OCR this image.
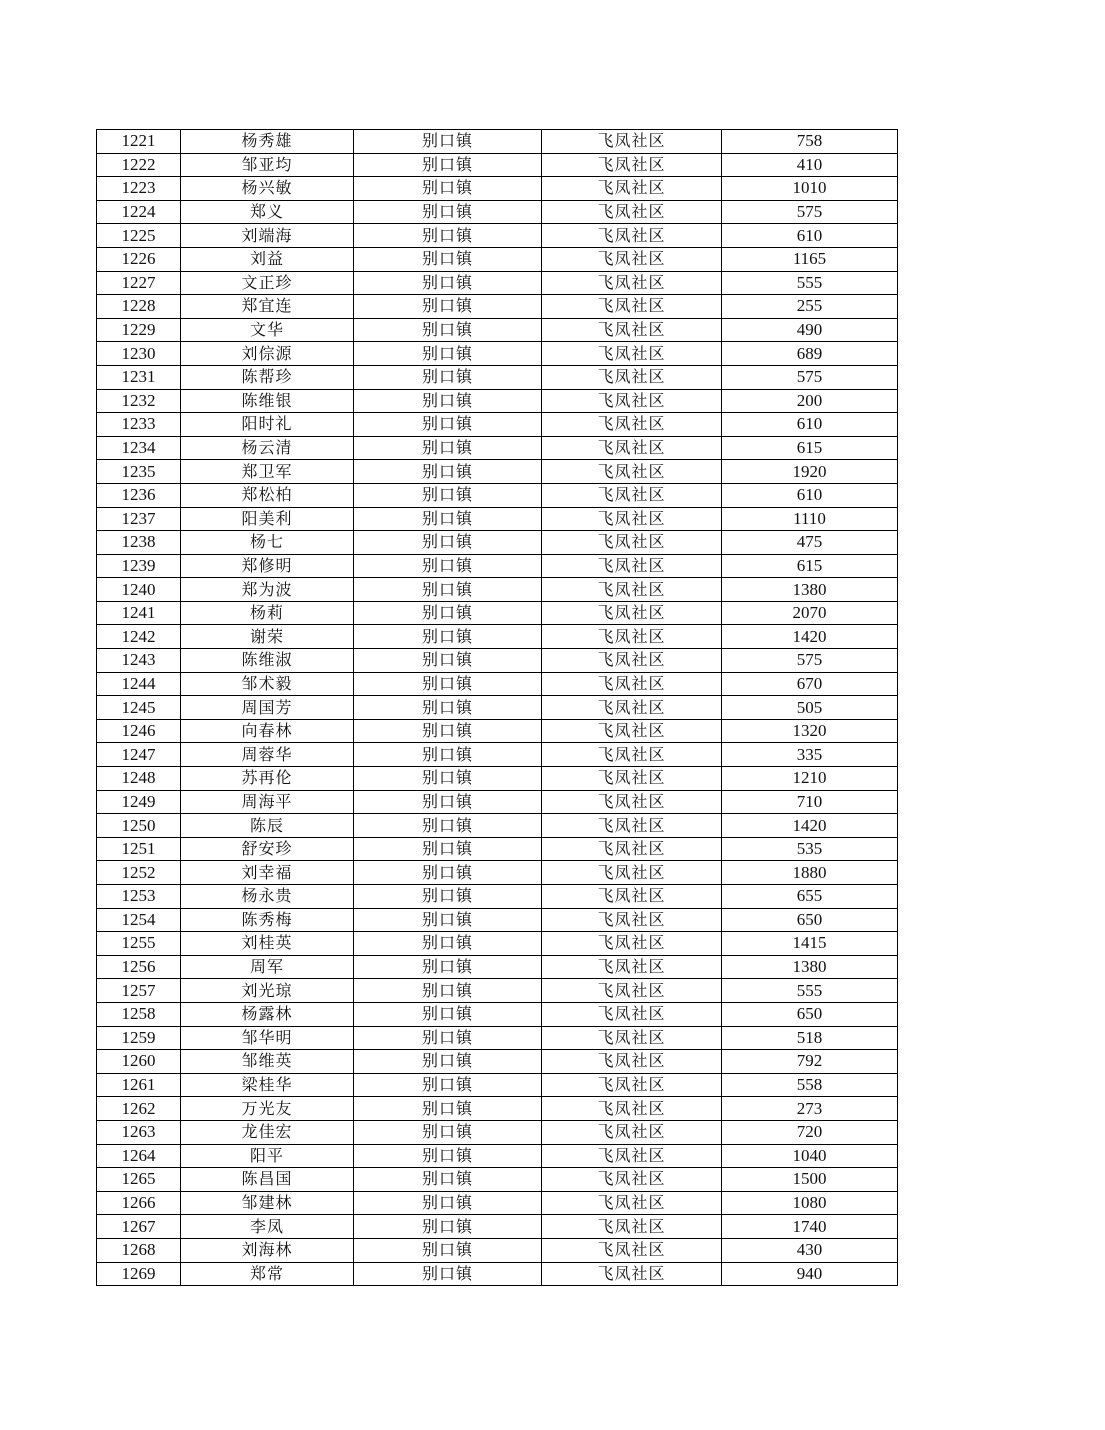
1221	杨秀雄	别口镇	飞凤社区	758
1222	邹亚均	别口镇	飞凤社区	410
1223	杨兴敏	别口镇	飞凤社区	1010
1224	郑义	别口镇	飞凤社区	575
1225	刘端海	别口镇	飞凤社区	610
1226	刘益	别口镇	飞凤社区	1165
1227	文正珍	别口镇	飞凤社区	555
1228	郑宜连	别口镇	飞凤社区	255
1229	文华	别口镇	飞凤社区	490
1230	刘倧源	别口镇	飞凤社区	689
1231	陈帮珍	别口镇	飞凤社区	575
1232	陈维银	别口镇	飞凤社区	200
1233	阳时礼	别口镇	飞凤社区	610
1234	杨云清	别口镇	飞凤社区	615
1235	郑卫军	别口镇	飞凤社区	1920
1236	郑松柏	别口镇	飞凤社区	610
1237	阳美利	别口镇	飞凤社区	1110
1238	杨七	别口镇	飞凤社区	475
1239	郑修明	别口镇	飞凤社区	615
1240	郑为波	别口镇	飞凤社区	1380
1241	杨莉	别口镇	飞凤社区	2070
1242	谢荣	别口镇	飞凤社区	1420
1243	陈维淑	别口镇	飞凤社区	575
1244	邹术毅	别口镇	飞凤社区	670
1245	周国芳	别口镇	飞凤社区	505
1246	向春林	别口镇	飞凤社区	1320
1247	周蓉华	别口镇	飞凤社区	335
1248	苏再伦	别口镇	飞凤社区	1210
1249	周海平	别口镇	飞凤社区	710
1250	陈辰	别口镇	飞凤社区	1420
1251	舒安珍	别口镇	飞凤社区	535
1252	刘幸福	别口镇	飞凤社区	1880
1253	杨永贵	别口镇	飞凤社区	655
1254	陈秀梅	别口镇	飞凤社区	650
1255	刘桂英	别口镇	飞凤社区	1415
1256	周军	别口镇	飞凤社区	1380
1257	刘光琼	别口镇	飞凤社区	555
1258	杨露林	别口镇	飞凤社区	650
1259	邹华明	别口镇	飞凤社区	518
1260	邹维英	别口镇	飞凤社区	792
1261	梁桂华	别口镇	飞凤社区	558
1262	万光友	别口镇	飞凤社区	273
1263	龙佳宏	别口镇	飞凤社区	720
1264	阳平	别口镇	飞凤社区	1040
1265	陈昌国	别口镇	飞凤社区	1500
1266	邹建林	别口镇	飞凤社区	1080
1267	李凤	别口镇	飞凤社区	1740
1268	刘海林	别口镇	飞凤社区	430
1269	郑常	别口镇	飞凤社区	940
